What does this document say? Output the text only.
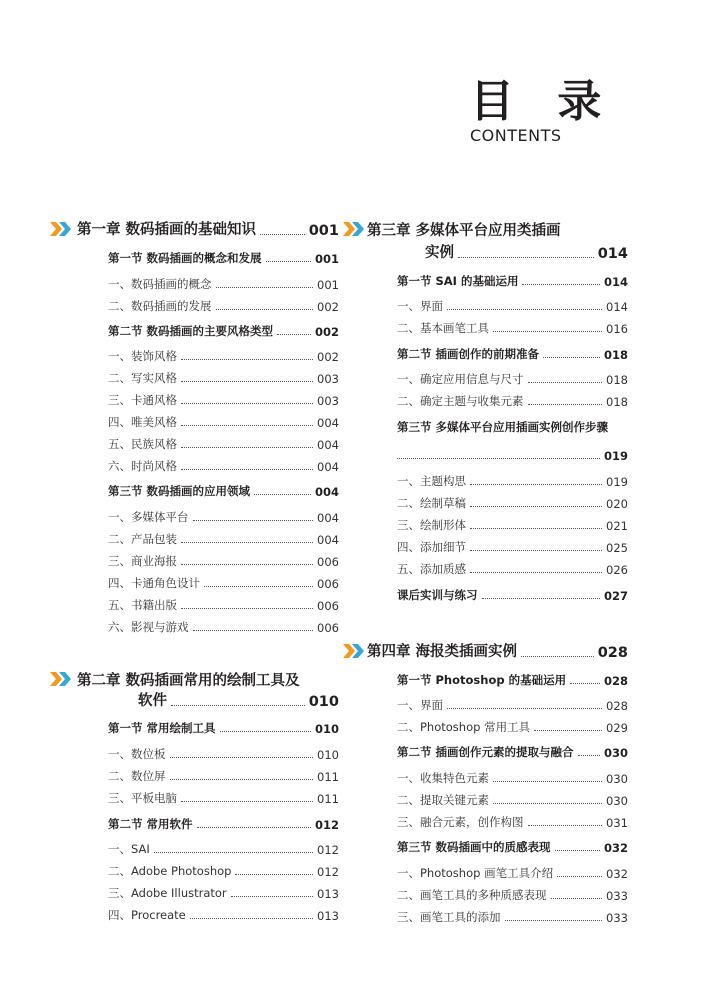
目 录
CONTENTS
第一章 数码插画的基础知识	001
第一节 数码插画的概念和发展	001
一、数码插画的概念	001
二、数码插画的发展	002
第二节 数码插画的主要风格类型	002
一、装饰风格	002
二、写实风格	003
三、卡通风格	003
四、唯美风格	004
五、民族风格	004
六、时尚风格	004
第三节 数码插画的应用领域	004
一、多媒体平台	004
二、产品包装	004
三、商业海报	006
四、卡通角色设计	006
五、书籍出版	006
六、影视与游戏	006
第二章 数码插画常用的绘制工具及
软件	010
第一节 常用绘制工具	010
一、数位板	010
二、数位屏	011
三、平板电脑	011
第二节 常用软件	012
一、SAI	012
二、Adobe Photoshop	012
三、Adobe Illustrator	013
四、Procreate	013
第三章 多媒体平台应用类插画
实例	014
第一节 SAI 的基础运用	014
一、界面	014
二、基本画笔工具	016
第二节 插画创作的前期准备	018
一、确定应用信息与尺寸	018
二、确定主题与收集元素	018
第三节 多媒体平台应用插画实例创作步骤
019
一、主题构思	019
二、绘制草稿	020
三、绘制形体	021
四、添加细节	025
五、添加质感	026
课后实训与练习	027
第四章 海报类插画实例	028
第一节 Photoshop 的基础运用	028
一、界面	028
二、Photoshop 常用工具	029
第二节 插画创作元素的提取与融合	030
一、收集特色元素	030
二、提取关键元素	030
三、融合元素，创作构图	031
第三节 数码插画中的质感表现	032
一、Photoshop 画笔工具介绍	032
二、画笔工具的多种质感表现	033
三、画笔工具的添加	033
